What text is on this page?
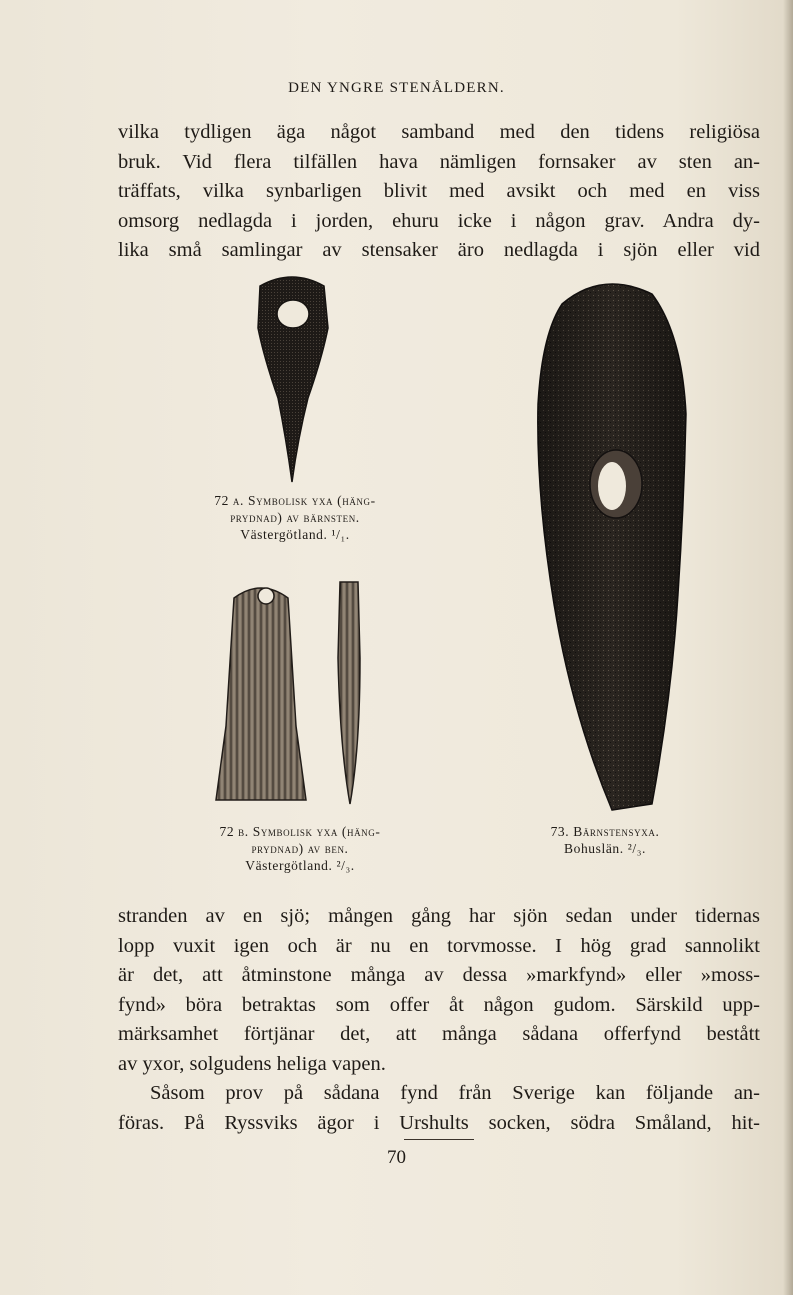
DEN YNGRE STENÅLDERN.

vilka tydligen äga något samband med den tidens religiösa
bruk. Vid flera tilfällen hava nämligen fornsaker av sten an-
träffats, vilka synbarligen blivit med avsikt och med en viss
omsorg nedlagda i jorden, ehuru icke i någon grav. Andra dy-
lika små samlingar av stensaker äro nedlagda i sjön eller vid

72 a. Symbolisk yxa (häng-
prydnad) av bärnsten.
Västergötland. ¹/₁.
72 b. Symbolisk yxa (häng-
prydnad) av ben.
Västergötland. ²/₃.
73. Bärnstensyxa.
Bohuslän. ²/₃.

stranden av en sjö; mången gång har sjön sedan under tidernas
lopp vuxit igen och är nu en torvmosse. I hög grad sannolikt
är det, att åtminstone många av dessa »markfynd» eller »moss-
fynd» böra betraktas som offer åt någon gudom. Särskild upp-
märksamhet förtjänar det, att många sådana offerfynd bestått
av yxor, solgudens heliga vapen.
Såsom prov på sådana fynd från Sverige kan följande an-
föras. På Ryssviks ägor i Urshults socken, södra Småland, hit-

70
